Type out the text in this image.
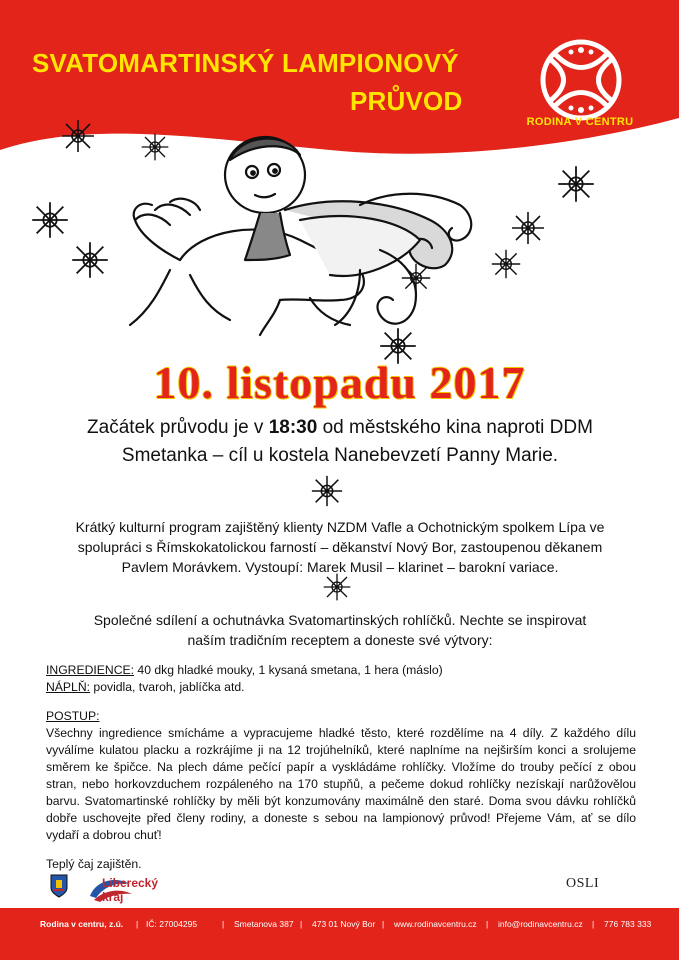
SVATOMARTINSKÝ LAMPIONOVÝ
PRŮVOD
RODINA V CENTRU
10. listopadu 2017
Začátek průvodu je v 18:30 od městského kina naproti DDM
Smetanka – cíl u kostela Nanebevzetí Panny Marie.
Krátký kulturní program zajištěný klienty NZDM Vafle a Ochotnickým spolkem Lípa ve
spolupráci s Římskokatolickou farností – děkanství Nový Bor, zastoupenou děkanem
Pavlem Morávkem. Vystoupí: Marek Musil – klarinet – barokní variace.
Společné sdílení a ochutnávka Svatomartinských rohlíčků. Nechte se inspirovat
naším tradičním receptem a doneste své výtvory:

INGREDIENCE: 40 dkg hladké mouky, 1 kysaná smetana, 1 hera (máslo)

NÁPLŇ: povidla, tvaroh, jablíčka atd.

POSTUP:

Všechny ingredience smícháme a vypracujeme hladké těsto, které rozdělíme na 4 díly. Z každého dílu vyválíme kulatou placku a rozkrájíme ji na 12 trojúhelníků, které naplníme na nejširším konci a srolujeme směrem ke špičce. Na plech dáme pečící papír a vyskládáme rohlíčky. Vložíme do trouby pečící z obou stran, nebo horkovzduchem rozpáleného na 170 stupňů, a pečeme dokud rohlíčky nezískají narůžovělou barvu. Svatomartinské rohlíčky by měli být konzumovány maximálně den staré. Doma svou dávku rohlíčků dobře uschovejte před členy rodiny, a doneste s sebou na lampionový průvod! Přejeme Vám, ať se dílo vydaří a dobrou chuť!

Teplý čaj zajištěn.

Liberecký
kraj
OSLI
Rodina v centru, z.ú. | IČ: 27004295	| Smetanova 387 | 473 01 Nový Bor | www.rodinavcentru.cz | info@rodinavcentru.cz | 776 783 333
